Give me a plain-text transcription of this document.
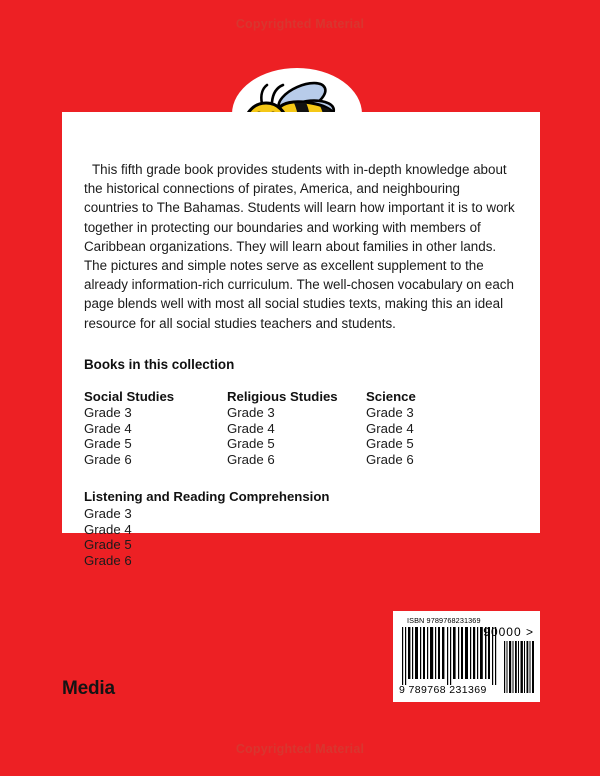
Copyrighted Material

This fifth grade book provides students with in-depth knowledge about the historical connections of pirates, America, and neighbouring countries to The Bahamas. Students will learn how important it is to work together in protecting our boundaries and working with members of Caribbean organizations. They will learn about families in other lands. The pictures and simple notes serve as excellent supplement to the already information-rich curriculum. The well-chosen vocabulary on each page blends well with most all social studies texts, making this an ideal resource for all social studies teachers and students.

Books in this collection
Social Studies
Grade 3
Grade 4
Grade 5
Grade 6
Religious Studies
Grade 3
Grade 4
Grade 5
Grade 6
Science
Grade 3
Grade 4
Grade 5
Grade 6
Listening and Reading Comprehension
Grade 3
Grade 4
Grade 5
Grade 6
Media
ISBN 9789768231369
9 789768 231369
90000 >
Copyrighted Material
